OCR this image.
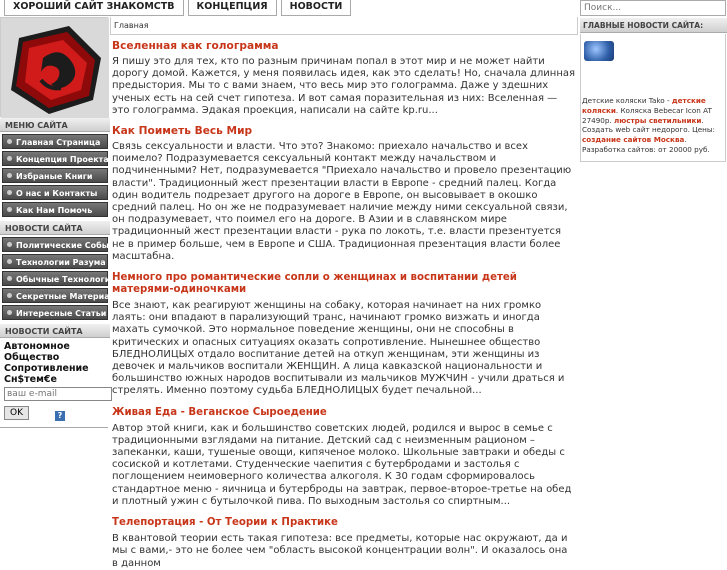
ХОРОШИЙ САЙТ ЗНАКОМСТВ	КОНЦЕПЦИЯ	НОВОСТИ
МЕНЮ САЙТА
Главная Страница
Концепция Проекта
Избраные Книги
О нас и Контакты
Как Нам Помочь
НОВОСТИ САЙТА
Политические События
Технологии Разума
Обычные Технологии
Секретные Материалы
Интересные Статьи
НОВОСТИ САЙТА
Автономное Общество Сопротивление Сн$тем€е
ваш e-mail
OK	?
Главная
Вселенная как голограмма
Я пишу это для тех, кто по разным причинам попал в этот мир и не может найти дорогу домой. Кажется, у меня появилась идея, как это сделать! Но, сначала длинная предыстория. Мы то с вами знаем, что весь мир это голограмма. Даже у здешних ученых есть на сей счет гипотеза. И вот самая поразительная из них: Вселенная — это голограмма. Эдакая проекция, написали на сайте kp.ru...
Как Поиметь Весь Мир
Связь сексуальности и власти. Что это? Знакомо: приехало начальство и всех поимело? Подразумевается сексуальный контакт между начальством и подчиненными? Нет, подразумевается "Приехало начальство и провело презентацию власти". Традиционный жест презентации власти в Европе - средний палец. Когда один водитель подрезает другого на дороге в Европе, он высовывает в окошко средний палец. Но он же не подразумевает наличие между ними сексуальной связи, он подразумевает, что поимел его на дороге. В Азии и в славянском мире традиционный жест презентации власти - рука по локоть, т.е. власти презентуется не в пример больше, чем в Европе и США. Традиционная презентация власти более масштабна.
Немного про романтические сопли о женщинах и воспитании детей матерями-одиночками
Все знают, как реагируют женщины на собаку, которая начинает на них громко лаять: они впадают в парализующий транс, начинают громко визжать и иногда махать сумочкой. Это нормальное поведение женщины, они не способны в критических и опасных ситуациях оказать сопротивление. Нынешнее общество БЛЕДНОЛИЦЫХ отдало воспитание детей на откуп женщинам, эти женщины из девочек и мальчиков воспитали ЖЕНЩИН. А лица кавказской национальности и большинство южных народов воспитывали из мальчиков МУЖЧИН - учили драться и стрелять. Именно поэтому судьба БЛЕДНОЛИЦЫХ будет печальной...
Живая Еда - Веганское Сыроедение
Автор этой книги, как и большинство советских людей, родился и вырос в семье с традиционными взглядами на питание. Детский сад с неизменным рационом – запеканки, каши, тушеные овощи, кипяченое молоко. Школьные завтраки и обеды с сосиской и котлетами. Студенческие чаепития с бутербродами и застолья с поглощением неимоверного количества алкоголя. К 30 годам сформировалось стандартное меню - яичница и бутерброды на завтрак, первое-второе-третье на обед и плотный ужин с бутылочкой пива. По выходным застолья со спиртным...
Телепортация - От Теории к Практике
В квантовой теории есть такая гипотеза: все предметы, которые нас окружают, да и мы с вами,- это не более чем "область высокой концентрации волн". И оказалось она в данном
Поиск...
ГЛАВНЫЕ НОВОСТИ САЙТА:
Детские коляски Tako - детские коляски. Коляска Bebecar Icon AT 27490р. люстры светильники. Создать web сайт недорого. Цены: создание сайтов Москва. Разработка сайтов: от 20000 руб.
